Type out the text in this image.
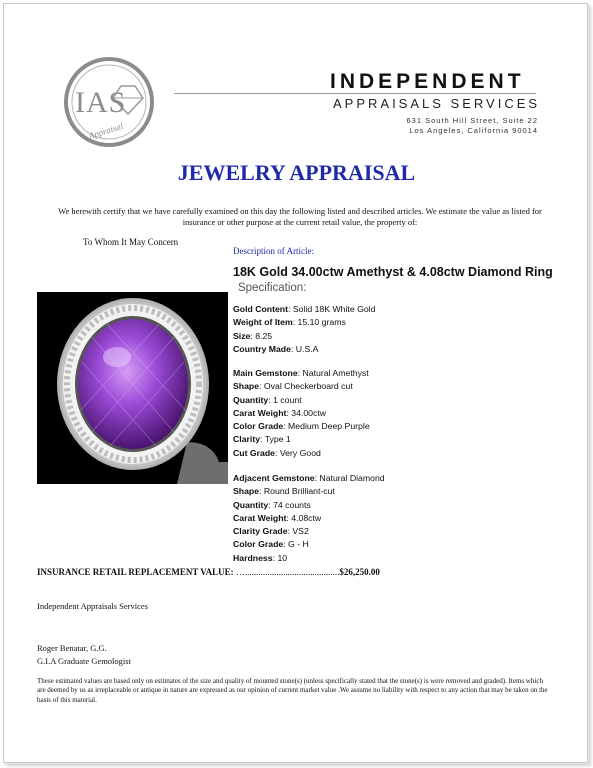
IAS
Appraisal
INDEPENDENT
APPRAISALS SERVICES
631 South Hill Street, Suite 22
Los Angeles, California 90014
JEWELRY APPRAISAL
We herewith certify that we have carefully examined on this day the following listed and described articles. We estimate the value as listed for insurance or other purpose at the current retail value, the property of:
To Whom It May Concern
Description of Article:
18K Gold 34.00ctw Amethyst & 4.08ctw Diamond Ring
Specification:
Gold Content: Solid 18K White Gold
Weight of Item: 15.10 grams
Size: 8.25
Country Made: U.S.A
Main Gemstone: Natural Amethyst
Shape: Oval Checkerboard cut
Quantity: 1 count
Carat Weight: 34.00ctw
Color Grade: Medium Deep Purple
Clarity: Type 1
Cut Grade: Very Good
Adjacent Gemstone: Natural Diamond
Shape: Round Brilliant-cut
Quantity: 74 counts
Carat Weight: 4.08ctw
Clarity Grade: VS2
Color Grade: G - H
Hardness: 10
INSURANCE RETAIL REPLACEMENT VALUE: …..........................................$26,250.00
Independent Appraisals Services
Roger Benatar, G.G.
G.I.A Graduate Gemologist
These estimated values are based only on estimates of the size and quality of mounted stone(s) (unless specifically stated that the stone(s) is were removed and graded). Items which are deemed by us as irreplaceable or antique in nature are expressed as our opinion of current market value .We assume no liability with respect to any action that may be taken on the basis of this material.
